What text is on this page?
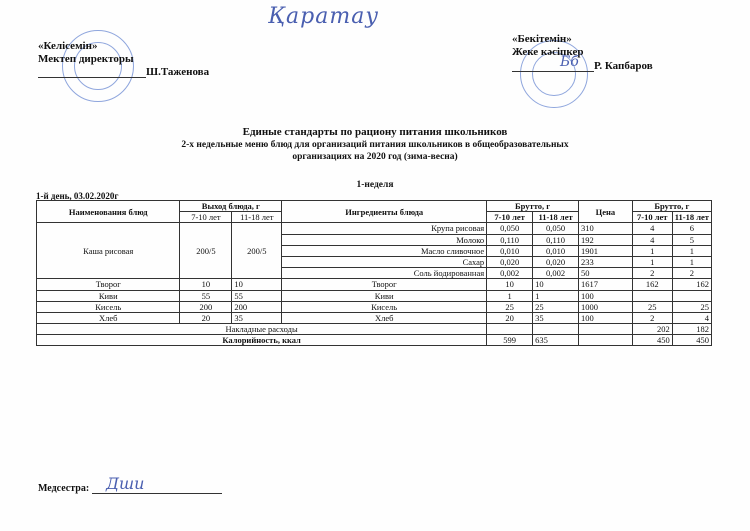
Қаратау
«Келісемін»
Мектеп директоры
Ш.Таженова
«Бекітемін»
Жеке кәсіпкер
Бб Р. Капбаров
Единые стандарты по рациону питания школьников
2-х недельные меню блюд для организаций питания школьников в общеобразовательных
организациях на 2020 год (зима-весна)
1-неделя
1-й день, 03.02.2020г
Наименования блюд	Выход блюда, г		Ингредиенты блюда	Брутто, г		Цена	Брутто, г	
	7-10 лет	11-18 лет		7-10 лет	11-18 лет		7-10 лет	11-18 лет
Каша рисовая	200/5	200/5	Крупа рисовая	0,050	0,050	310	4	6
			Молоко	0,110	0,110	192	4	5
			Масло сливочное	0,010	0,010	1901	1	1
			Сахар	0,020	0,020	233	1	1
			Соль йодированная	0,002	0,002	50	2	2
Творог	10	10	Творог	10	10	1617	162	162
Киви	55	55	Киви	1	1	100		
Кисель	200	200	Кисель	25	25	1000	25	25
Хлеб	20	35	Хлеб	20	35	100	2	4
Накладные расходы							202	182
Калорийность, ккал				599	635		450	450
Медсестра: Дши
